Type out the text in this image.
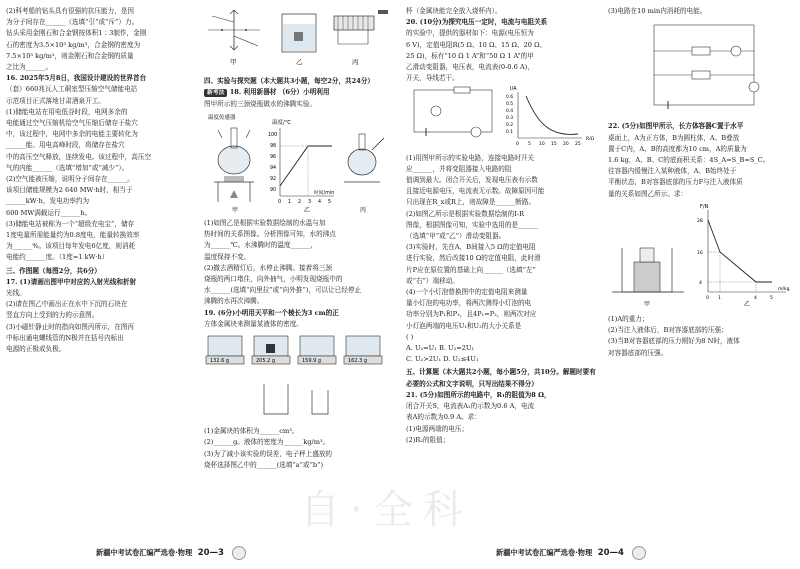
自·全科

(2)科考船的钻头具有很强的抗压能力，是因

为分子间存在______（选填“引”或“斥”）力。

钻头采用金刚石和合金钢按体积1∶3制作，金刚

石的密度为3.5×10³ kg/m³，合金钢的密度为

7.5×10³ kg/m³，则金刚石和合金钢的质量

之比为______。

16. 2025年5月8日，我国设计建设的世界首台

（套）660兆瓦人工硐室型压缩空气储能电站

示范项目正式落地甘肃酒泉开工。

(1)储能电站在用电低谷时段，电网多余的

电能通过空气压缩机给空气压缩后储存于盐穴

中，该过程中，电网中多余的电能主要转化为

______能。用电高峰时段，将储存在盐穴

中的高压空气释放，连续发电。该过程中，高压空

气的内能______（选填“增加”或“减少”）。

(2)空气能被压缩，说明分子间存在______。

该项目储能规模为2 640 MW·h时，相当于

______kW·h，发电功率约为

600 MW满载运行______h。

(3)储能电站被称为一个“超级充电宝”，储存

1度电量所需能量约为0.8度电，能量转换效率

为______%。该项目每年发电6亿度，则消耗

电能约______度。（1度=1 kW·h）

三、作图题（每图2分，共6分）

17. (1)请画出图甲中对应的入射光线和折射

光线。

(2)请在图乙中画出正在水中下沉的石块在

竖直方向上受到的力的示意图。

(3)小磁针静止时的指向如图丙所示，在图丙

中标出通电螺线管的N极并在括号内标出

电源的正极或负极。

甲	乙	丙

四、实验与探究题（本大题共3小题，每空2分，共24分）

新考法 18. 利用新器材 （6分）小明利用

图甲所示的三颈烧瓶做水的沸腾实验。

温度传感器
温度/℃
时间/min
100
98
96
94
92
90
0 1 2 3 4 5
甲	乙	丙

(1)如图乙是根据实验数据绘制的水温与加

热时间的关系图像。分析图像可知，水的沸点

为______℃。水沸腾时的温度______，

温度保持不变。

(2)撤去酒精灯后，水停止沸腾。接着将三颈

烧瓶的两口堵住，向外抽气，小明发现烧瓶中的

水______(选填“向里拉”或“向外推”)，可以让已经停止

沸腾的水再次沸腾。

19. (6分)小明用天平和一个棱长为3 cm的正

方体金属块来测量某液体的密度。

132.6 g	205.2 g	159.9 g	162.3 g

(1)金属块的体积为______cm³。

(2)______g。液体的密度为______kg/m³。

(3)为了减小该实验的误差，电子秤上盛放的

烧杯选择图乙中的______(选填“a”或“b”)

杯（金属块能完全放入烧杯内）。

20. (10分)为探究电压一定时，电流与电阻关系

的实验中，提供的器材如下：电源(电压恒为

6 V)，定值电阻R(5 Ω、10 Ω、15 Ω、20 Ω、

25 Ω)，标有“10 Ω 1 A”和“50 Ω 1 A”的甲

乙滑动变阻器，电压表，电流表(0-0.6 A)，

开关，导线若干。

I/A
0.6
0.5
0.4
0.3
0.2
0.1
0 5 10 15 20 25
R/Ω

(1)用图甲所示的实验电路，连接电路时开关

应______，并将变阻器接入电路的阻

值调到最大。闭合开关后，发现电压表有示数

且接近电源电压，电流表无示数。故障原因可能

只出现在R_x或R上，则故障是______断路。

(2)如图乙所示是根据实验数据绘制的I-R

图像，根据图像可知，实验中选用的是______

（选填“甲”或“乙”）滑动变阻器。

(3)实验时，先在A，B间接入5 Ω的定值电阻

进行实验，然后改接10 Ω的定值电阻，此时滑

片P应在原位置的基础上向______（选填“左”

或“右”）端移动。

(4)一个小灯泡替换图中的定值电阻来测量

量小灯泡的电功率，将两次测得小灯泡的电

功率分别为P₁和P₂，且4P₁=P₂，则两次对应

小灯泡两端的电压U₁和U₂的大小关系是

( )

A. U₂=U₁ B. U₂=2U₁

C. U₂>2U₁ D. U₂≤4U₁

五、计算题（本大题共2小题，每小题5分，共10分。解题时要有必要的公式和文字说明，只写出结果不得分）

21. (5分)如图所示的电路中，R₁的阻值为8 Ω，

闭合开关S，电流表A₁的示数为0.6 A，电流

表A的示数为0.9 A。求：

(1)电源两端的电压；

(2)R₂的阻值；

(3)电路在10 min内消耗的电能。

22. (5分)如图甲所示，长方体容器C置于水平

桌面上，A为正方体，B为圆柱体，A、B叠放

置于C内，A、B的高度都为10 cm，A的质量为

1.6 kg，A、B、C的底面积关系：4S_A=S_B=S_C。

往容器内缓慢注入某种液体，A、B始终处于

平衡状态，B对容器底部的压力F与注入液体质

量的关系如图乙所示。求：

F/N
28
16
4
0 1	4	5
m/kg
甲	乙

(1)A的重力；

(2)当注入液体后，B对容器底部的压强；

(3)当B对容器底部的压力刚好为8 N时，液体

对容器底部的压强。

新疆中考试卷汇编严选卷·物理 20—3	新疆中考试卷汇编严选卷·物理 20—4
